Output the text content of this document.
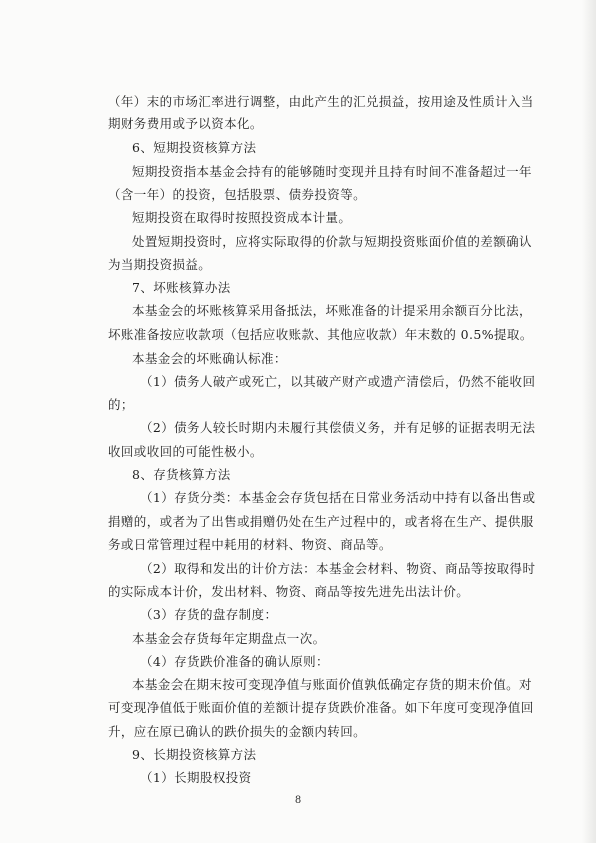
（年）末的市场汇率进行调整，由此产生的汇兑损益，按用途及性质计入当
期财务费用或予以资本化。
6、短期投资核算方法
短期投资指本基金会持有的能够随时变现并且持有时间不准备超过一年
（含一年）的投资，包括股票、债券投资等。
短期投资在取得时按照投资成本计量。
处置短期投资时，应将实际取得的价款与短期投资账面价值的差额确认
为当期投资损益。
7、坏账核算办法
本基金会的坏账核算采用备抵法，坏账准备的计提采用余额百分比法，
坏账准备按应收款项（包括应收账款、其他应收款）年末数的 0.5%提取。
本基金会的坏账确认标准：
（1）债务人破产或死亡，以其破产财产或遗产清偿后，仍然不能收回
的；
（2）债务人较长时期内未履行其偿债义务，并有足够的证据表明无法
收回或收回的可能性极小。
8、存货核算方法
（1）存货分类：本基金会存货包括在日常业务活动中持有以备出售或
捐赠的，或者为了出售或捐赠仍处在生产过程中的，或者将在生产、提供服
务或日常管理过程中耗用的材料、物资、商品等。
（2）取得和发出的计价方法：本基金会材料、物资、商品等按取得时
的实际成本计价，发出材料、物资、商品等按先进先出法计价。
（3）存货的盘存制度：
本基金会存货每年定期盘点一次。
（4）存货跌价准备的确认原则：
本基金会在期末按可变现净值与账面价值孰低确定存货的期末价值。对
可变现净值低于账面价值的差额计提存货跌价准备。如下年度可变现净值回
升，应在原已确认的跌价损失的金额内转回。
9、长期投资核算方法
（1）长期股权投资
8
